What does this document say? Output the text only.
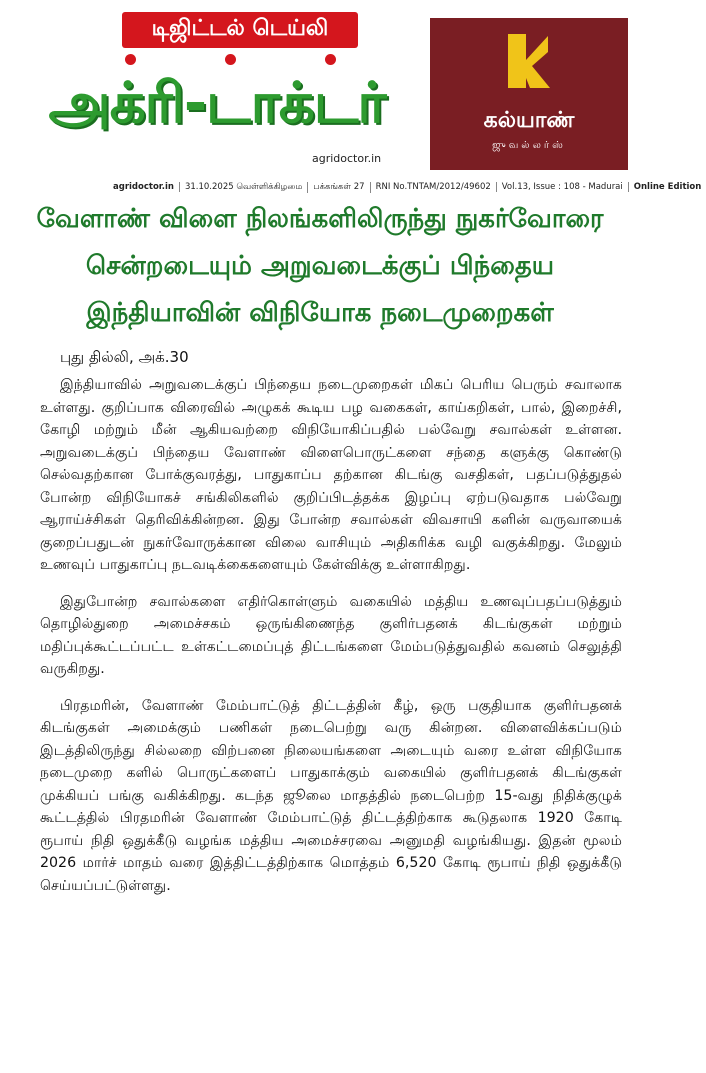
டிஜிட்டல் டெய்லி
அக்ரி-டாக்டர்
agridoctor.in
கல்யாண்
ஜுவல்லர்ஸ்
agridoctor.in	31.10.2025 வெள்ளிக்கிழமை	பக்கங்கள் 27	RNI No.TNTAM/2012/49602	Vol.13, Issue : 108 - Madurai	Online Edition
வேளாண் விளை நிலங்களிலிருந்து நுகர்வோரை
சென்றடையும் அறுவடைக்குப் பிந்தைய
இந்தியாவின் விநியோக நடைமுறைகள்
புது தில்லி, அக்.30

இந்தியாவில் அறுவடைக்குப் பிந்தைய நடைமுறைகள் மிகப் பெரிய பெரும் சவாலாக உள்ளது. குறிப்பாக விரைவில் அழுகக் கூடிய பழ வகைகள், காய்கறிகள், பால், இறைச்சி, கோழி மற்றும் மீன் ஆகியவற்றை விநியோகிப்பதில் பல்வேறு சவால்கள் உள்ளன. அறுவடைக்குப் பிந்தைய வேளாண் விளைபொருட்களை சந்தை களுக்கு கொண்டு செல்வதற்கான போக்குவரத்து, பாதுகாப்ப தற்கான கிடங்கு வசதிகள், பதப்படுத்துதல் போன்ற விநியோகச் சங்கிலிகளில் குறிப்பிடத்தக்க இழப்பு ஏற்படுவதாக பல்வேறு ஆராய்ச்சிகள் தெரிவிக்கின்றன. இது போன்ற சவால்கள் விவசாயி களின் வருவாயைக் குறைப்பதுடன் நுகர்வோருக்கான விலை வாசியும் அதிகரிக்க வழி வகுக்கிறது. மேலும் உணவுப் பாதுகாப்பு நடவடிக்கைகளையும் கேள்விக்கு உள்ளாகிறது.

இதுபோன்ற சவால்களை எதிர்கொள்ளும் வகையில் மத்திய உணவுப்பதப்படுத்தும் தொழில்துறை அமைச்சகம் ஒருங்கிணைந்த குளிர்பதனக் கிடங்குகள் மற்றும் மதிப்புக்கூட்டப்பட்ட உள்கட்டமைப்புத் திட்டங்களை மேம்படுத்துவதில் கவனம் செலுத்தி வருகிறது.

பிரதமரின், வேளாண் மேம்பாட்டுத் திட்டத்தின் கீழ், ஒரு பகுதியாக குளிர்பதனக் கிடங்குகள் அமைக்கும் பணிகள் நடைபெற்று வரு கின்றன. விளைவிக்கப்படும் இடத்திலிருந்து சில்லறை விற்பனை நிலையங்களை அடையும் வரை உள்ள விநியோக நடைமுறை களில் பொருட்களைப் பாதுகாக்கும் வகையில் குளிர்பதனக் கிடங்குகள் முக்கியப் பங்கு வகிக்கிறது. கடந்த ஜூலை மாதத்தில் நடைபெற்ற 15-வது நிதிக்குழுக் கூட்டத்தில் பிரதமரின் வேளாண் மேம்பாட்டுத் திட்டத்திற்காக கூடுதலாக 1920 கோடி ரூபாய் நிதி ஒதுக்கீடு வழங்க மத்திய அமைச்சரவை அனுமதி வழங்கியது. இதன் மூலம் 2026 மார்ச் மாதம் வரை இத்திட்டத்திற்காக மொத்தம் 6,520 கோடி ரூபாய் நிதி ஒதுக்கீடு செய்யப்பட்டுள்ளது.
